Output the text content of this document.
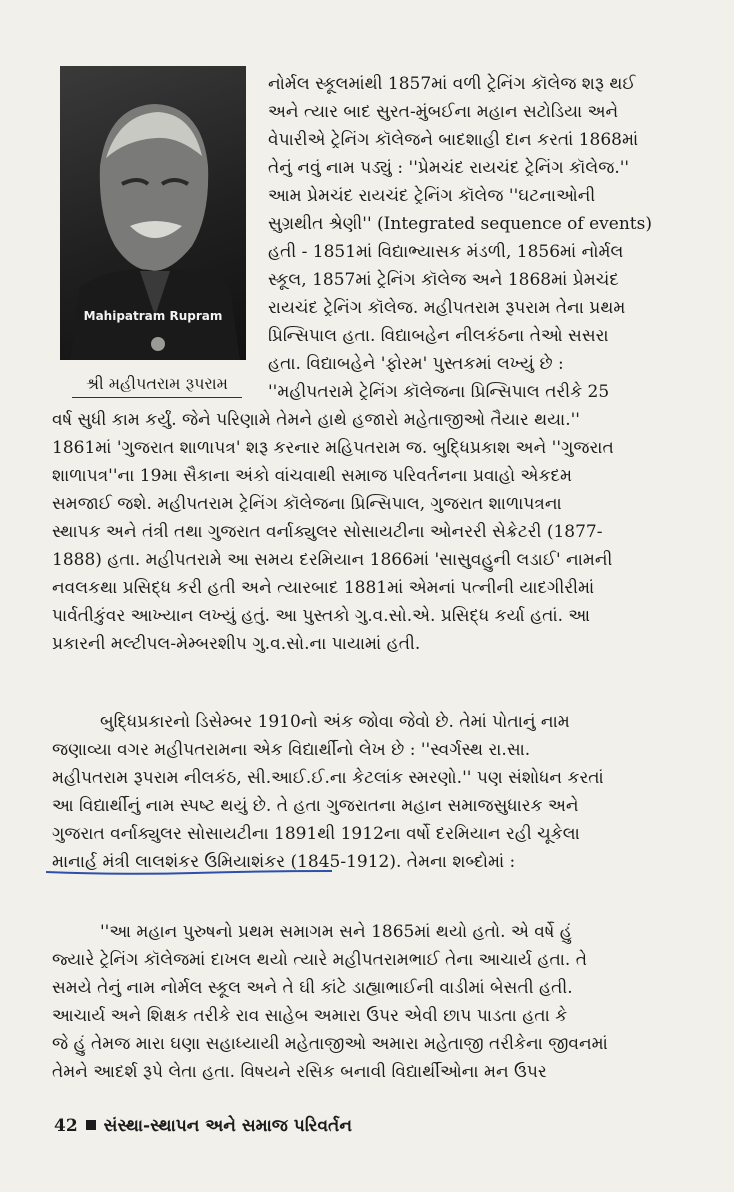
Mahipatram Rupram
શ્રી મહીપતરામ રૂપરામ
નોર્મલ સ્કૂલમાંથી 1857માં વળી ટ્રેનિંગ કૉલેજ શરૂ થઈ
અને ત્યાર બાદ સુરત-મુંબઈના મહાન સટોડિયા અને
વેપારીએ ટ્રેનિંગ કૉલેજને બાદશાહી દાન કરતાં 1868માં
તેનું નવું નામ પડ્યું : ''પ્રેમચંદ રાયચંદ ટ્રેનિંગ કૉલેજ.''
આમ પ્રેમચંદ રાયચંદ ટ્રેનિંગ કૉલેજ ''ઘટનાઓની
સુગ્રથીત શ્રેણી'' (Integrated sequence of events)
હતી - 1851માં વિદ્યાભ્યાસક મંડળી, 1856માં નોર્મલ
સ્કૂલ, 1857માં ટ્રેનિંગ કૉલેજ અને 1868માં પ્રેમચંદ
રાયચંદ ટ્રેનિંગ કૉલેજ. મહીપતરામ રૂપરામ તેના પ્રથમ
પ્રિન્સિપાલ હતા. વિદ્યાબહેન નીલકંઠના તેઓ સસરા
હતા. વિદ્યાબહેને 'ફોરમ' પુસ્તકમાં લખ્યું છે :
''મહીપતરામે ટ્રેનિંગ કૉલેજના પ્રિન્સિપાલ તરીકે 25
વર્ષ સુધી કામ કર્યું. જેને પરિણામે તેમને હાથે હજારો મહેતાજીઓ તૈયાર થયા.''
1861માં 'ગુજરાત શાળાપત્ર' શરૂ કરનાર મહિપતરામ જ. બુદ્ધિપ્રકાશ અને ''ગુજરાત
શાળાપત્ર''ના 19મા સૈકાના અંકો વાંચવાથી સમાજ પરિવર્તનના પ્રવાહો એકદમ
સમજાઈ જશે. મહીપતરામ ટ્રેનિંગ કૉલેજના પ્રિન્સિપાલ, ગુજરાત શાળાપત્રના
સ્થાપક અને તંત્રી તથા ગુજરાત વર્નાક્યુલર સોસાયટીના ઓનરરી સેક્રેટરી (1877-
1888) હતા. મહીપતરામે આ સમય દરમિયાન 1866માં 'સાસુવહુની લડાઈ' નામની
નવલકથા પ્રસિદ્ધ કરી હતી અને ત્યારબાદ 1881માં એમનાં પત્નીની યાદગીરીમાં
પાર્વતીકુંવર આખ્યાન લખ્યું હતું. આ પુસ્તકો ગુ.વ.સો.એ. પ્રસિદ્ધ કર્યા હતાં. આ
પ્રકારની મલ્ટીપલ-મેમ્બરશીપ ગુ.વ.સો.ના પાયામાં હતી.
બુદ્ધિપ્રકારનો ડિસેમ્બર 1910નો અંક જોવા જેવો છે. તેમાં પોતાનું નામ
જણાવ્યા વગર મહીપતરામના એક વિદ્યાર્થીનો લેખ છે : ''સ્વર્ગસ્થ રા.સા.
મહીપતરામ રૂપરામ નીલકંઠ, સી.આઈ.ઈ.ના કેટલાંક સ્મરણો.'' પણ સંશોધન કરતાં
આ વિદ્યાર્થીનું નામ સ્પષ્ટ થયું છે. તે હતા ગુજરાતના મહાન સમાજસુધારક અને
ગુજરાત વર્નાક્યુલર સોસાયટીના 1891થી 1912ના વર્ષો દરમિયાન રહી ચૂકેલા
માનાર્હ મંત્રી લાલશંકર ઉમિયાશંકર (1845-1912). તેમના શબ્દોમાં :
''આ મહાન પુરુષનો પ્રથમ સમાગમ સને 1865માં થયો હતો. એ વર્ષે હું
જ્યારે ટ્રેનિંગ કૉલેજમાં દાખલ થયો ત્યારે મહીપતરામભાઈ તેના આચાર્ય હતા. તે
સમયે તેનું નામ નોર્મલ સ્કૂલ અને તે ઘી કાંટે ડાહ્યાભાઈની વાડીમાં બેસતી હતી.
આચાર્ય અને શિક્ષક તરીકે રાવ સાહેબ અમારા ઉપર એવી છાપ પાડતા હતા કે
જે હું તેમજ મારા ઘણા સહાધ્યાયી મહેતાજીઓ અમારા મહેતાજી તરીકેના જીવનમાં
તેમને આદર્શ રૂપે લેતા હતા. વિષયને રસિક બનાવી વિદ્યાર્થીઓના મન ઉપર
42 સંસ્થા-સ્થાપન અને સમાજ પરિવર્તન
